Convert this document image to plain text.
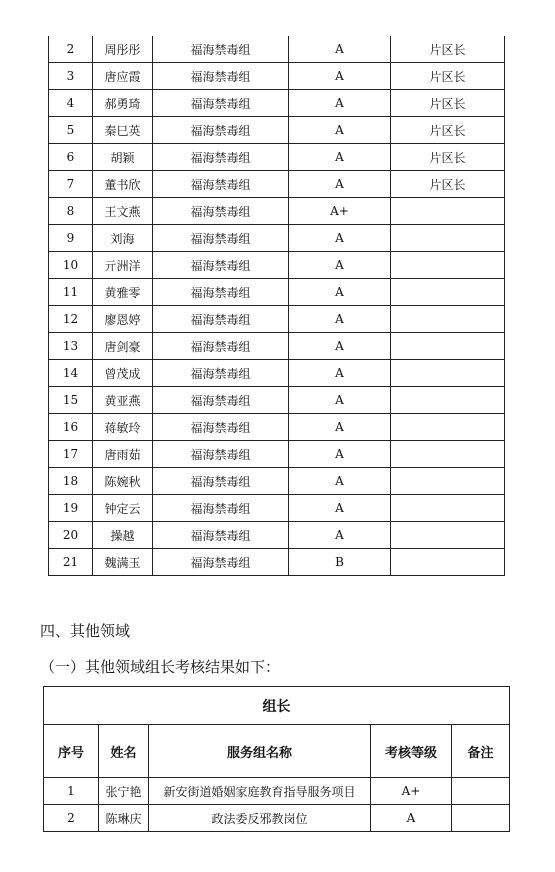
2	周彤彤	福海禁毒组	A	片区长
3	唐应霞	福海禁毒组	A	片区长
4	郝勇琦	福海禁毒组	A	片区长
5	秦巳英	福海禁毒组	A	片区长
6	胡颖	福海禁毒组	A	片区长
7	董书欣	福海禁毒组	A	片区长
8	王文燕	福海禁毒组	A+	
9	刘海	福海禁毒组	A	
10	亓洲洋	福海禁毒组	A	
11	黄雅零	福海禁毒组	A	
12	廖恩婷	福海禁毒组	A	
13	唐剑豪	福海禁毒组	A	
14	曾茂成	福海禁毒组	A	
15	黄亚燕	福海禁毒组	A	
16	蒋敏玲	福海禁毒组	A	
17	唐雨茹	福海禁毒组	A	
18	陈婉秋	福海禁毒组	A	
19	钟定云	福海禁毒组	A	
20	操越	福海禁毒组	A	
21	魏满玉	福海禁毒组	B	
四、其他领域
（一）其他领域组长考核结果如下：
组长				
序号	姓名	服务组名称	考核等级	备注
1	张宁艳	新安街道婚姻家庭教育指导服务项目	A+	
2	陈琳庆	政法委反邪教岗位	A	
